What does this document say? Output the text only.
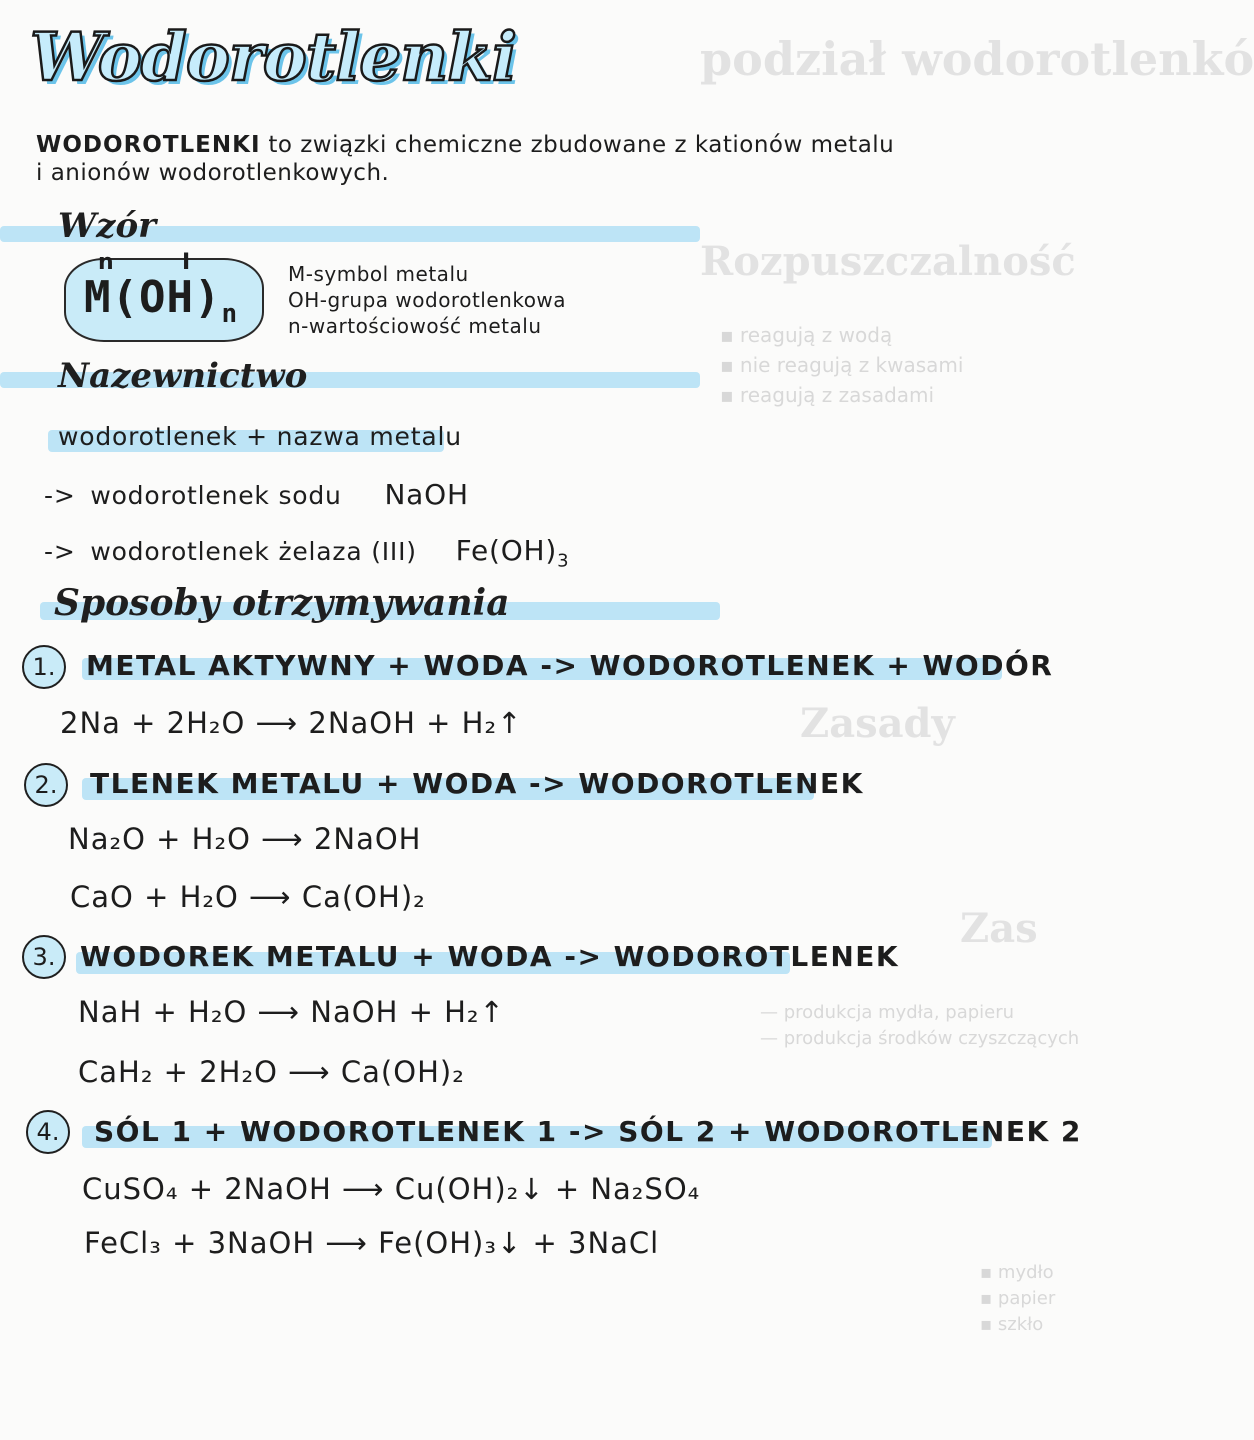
podział wodorotlenkó
Rozpuszczalność
Zasady
Zas
▪ reagują z wodą
▪ nie reagują z kwasami
▪ reagują z zasadami
— produkcja mydła, papieru
— produkcja środków czyszczących
▪ mydło
▪ papier
▪ szkło
Wodorotlenki
WODOROTLENKI to związki chemiczne zbudowane z kationów metalu
i anionów wodorotlenkowych.
Wzór
n	I
$M(OH)_n$
M-symbol metalu
OH-grupa wodorotlenkowa
n-wartościowość metalu
Nazewnictwo
wodorotlenek + nazwa metalu
-> wodorotlenek sodu NaOH
-> wodorotlenek żelaza (III) $Fe(OH)_3$
Sposoby otrzymywania
1.	METAL AKTYWNY + WODA -> WODOROTLENEK + WODÓR
2Na + 2H₂O ⟶ 2NaOH + H₂↑
2.	TLENEK METALU + WODA -> WODOROTLENEK
Na₂O + H₂O ⟶ 2NaOH
CaO + H₂O ⟶ Ca(OH)₂
3. WODOREK METALU + WODA -> WODOROTLENEK
NaH + H₂O ⟶ NaOH + H₂↑
CaH₂ + 2H₂O ⟶ Ca(OH)₂
4.	SÓL 1 + WODOROTLENEK 1 -> SÓL 2 + WODOROTLENEK 2
CuSO₄ + 2NaOH ⟶ Cu(OH)₂↓ + Na₂SO₄
FeCl₃ + 3NaOH ⟶ Fe(OH)₃↓ + 3NaCl
